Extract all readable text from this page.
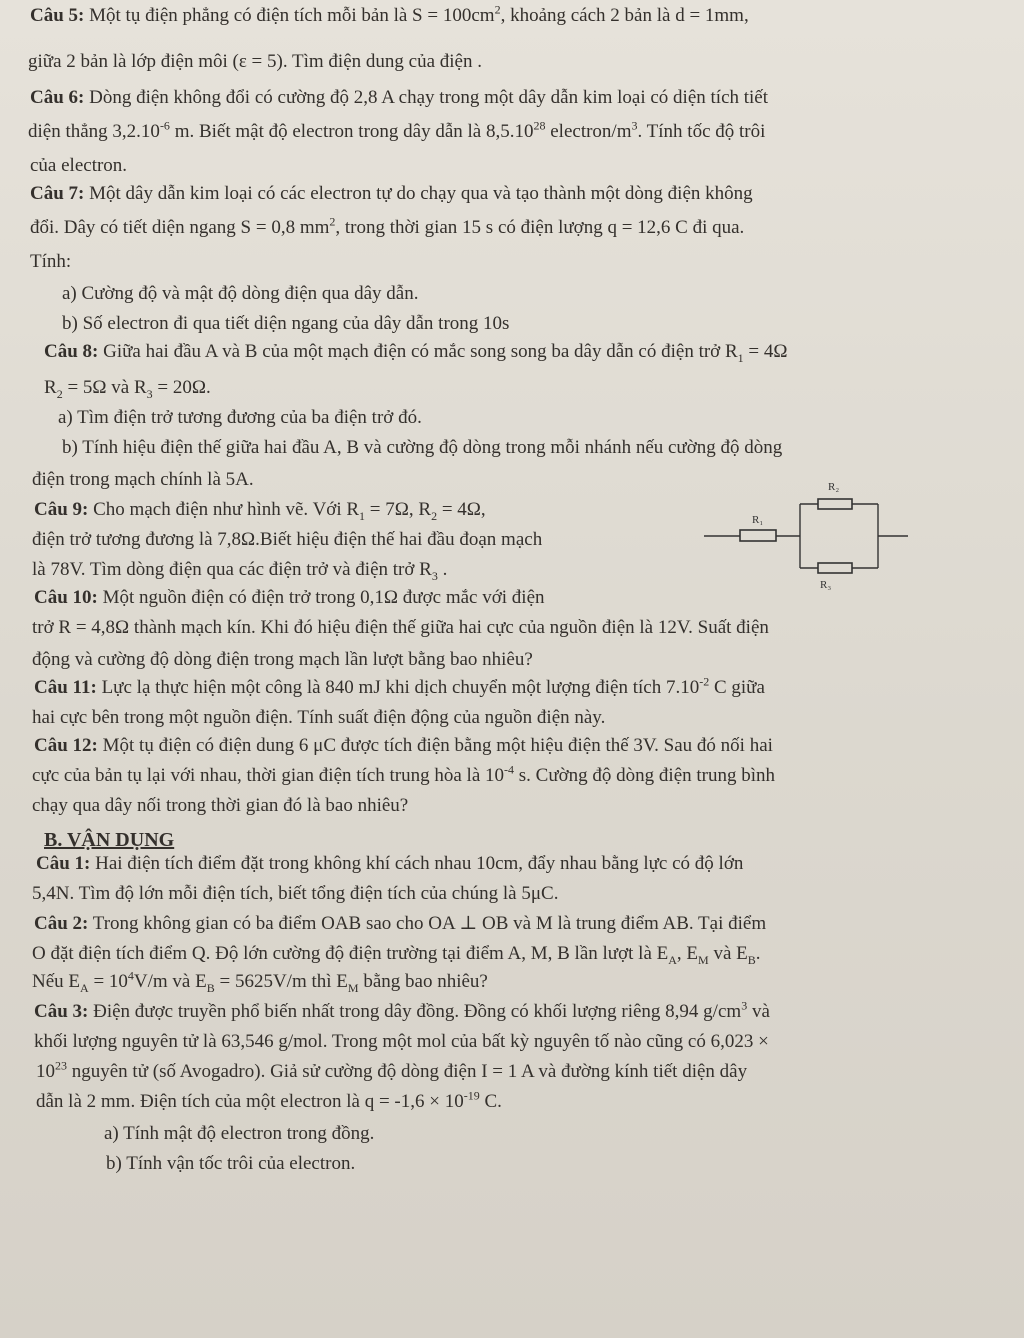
Câu 5: Một tụ điện phẳng có điện tích mỗi bản là $S = 100cm^2$, khoảng cách 2 bản là d = 1mm,
giữa 2 bản là lớp điện môi (ε = 5). Tìm điện dung của điện .
Câu 6: Dòng điện không đổi có cường độ 2,8 A chạy trong một dây dẫn kim loại có diện tích tiết
diện thẳng $3,2.10^{-6}$ m. Biết mật độ electron trong dây dẫn là 8,5.10$^{28}$ electron/$m^3$. Tính tốc độ trôi
của electron.
Câu 7: Một dây dẫn kim loại có các electron tự do chạy qua và tạo thành một dòng điện không
đổi. Dây có tiết diện ngang S = 0,8 $mm^2$, trong thời gian 15 s có điện lượng q = 12,6 C đi qua.
Tính:
a) Cường độ và mật độ dòng điện qua dây dẫn.
b) Số electron đi qua tiết diện ngang của dây dẫn trong 10s
Câu 8: Giữa hai đầu A và B của một mạch điện có mắc song song ba dây dẫn có điện trở $R_1 = 4\Omega$
$R_2 = 5\Omega$ và $R_3 = 20\Omega$.
a) Tìm điện trở tương đương của ba điện trở đó.
b) Tính hiệu điện thế giữa hai đầu A, B và cường độ dòng trong mỗi nhánh nếu cường độ dòng
điện trong mạch chính là 5A.
Câu 9: Cho mạch điện như hình vẽ. Với $R_1 = 7\Omega$, $R_2 = 4\Omega$,
điện trở tương đương là 7,8Ω.Biết hiệu điện thế hai đầu đoạn mạch
là 78V. Tìm dòng điện qua các điện trở và điện trở $R_3$ .
Câu 10: Một nguồn điện có điện trở trong 0,1Ω được mắc với điện
trở R = 4,8Ω thành mạch kín. Khi đó hiệu điện thế giữa hai cực của nguồn điện là 12V. Suất điện
động và cường độ dòng điện trong mạch lần lượt bằng bao nhiêu?
Câu 11: Lực lạ thực hiện một công là 840 mJ khi dịch chuyển một lượng điện tích $7.10^{-2}$ C giữa
hai cực bên trong một nguồn điện. Tính suất điện động của nguồn điện này.
Câu 12: Một tụ điện có điện dung 6 μC được tích điện bằng một hiệu điện thế 3V. Sau đó nối hai
cực của bản tụ lại với nhau, thời gian điện tích trung hòa là $10^{-4}$ s. Cường độ dòng điện trung bình
chạy qua dây nối trong thời gian đó là bao nhiêu?
B. VẬN DỤNG
Câu 1: Hai điện tích điểm đặt trong không khí cách nhau 10cm, đẩy nhau bằng lực có độ lớn
5,4N. Tìm độ lớn mỗi điện tích, biết tổng điện tích của chúng là 5μC.
Câu 2: Trong không gian có ba điểm OAB sao cho OA ⊥ OB và M là trung điểm AB. Tại điểm
O đặt điện tích điểm Q. Độ lớn cường độ điện trường tại điểm A, M, B lần lượt là $E_A$, $E_M$ và $E_B$.
Nếu $E_A = 10^4V/m$ và $E_B = 5625V/m$ thì $E_M$ bằng bao nhiêu?
Câu 3: Điện được truyền phổ biến nhất trong dây đồng. Đồng có khối lượng riêng 8,94 $g/cm^3$ và
khối lượng nguyên tử là 63,546 g/mol. Trong một mol của bất kỳ nguyên tố nào cũng có 6,023 ×
$10^{23}$ nguyên tử (số Avogadro). Giả sử cường độ dòng điện I = 1 A và đường kính tiết diện dây
dẫn là 2 mm. Điện tích của một electron là $q = -1,6 \times 10^{-19}$ C.
a) Tính mật độ electron trong đồng.
b) Tính vận tốc trôi của electron.
R₁
R₂
R₃
